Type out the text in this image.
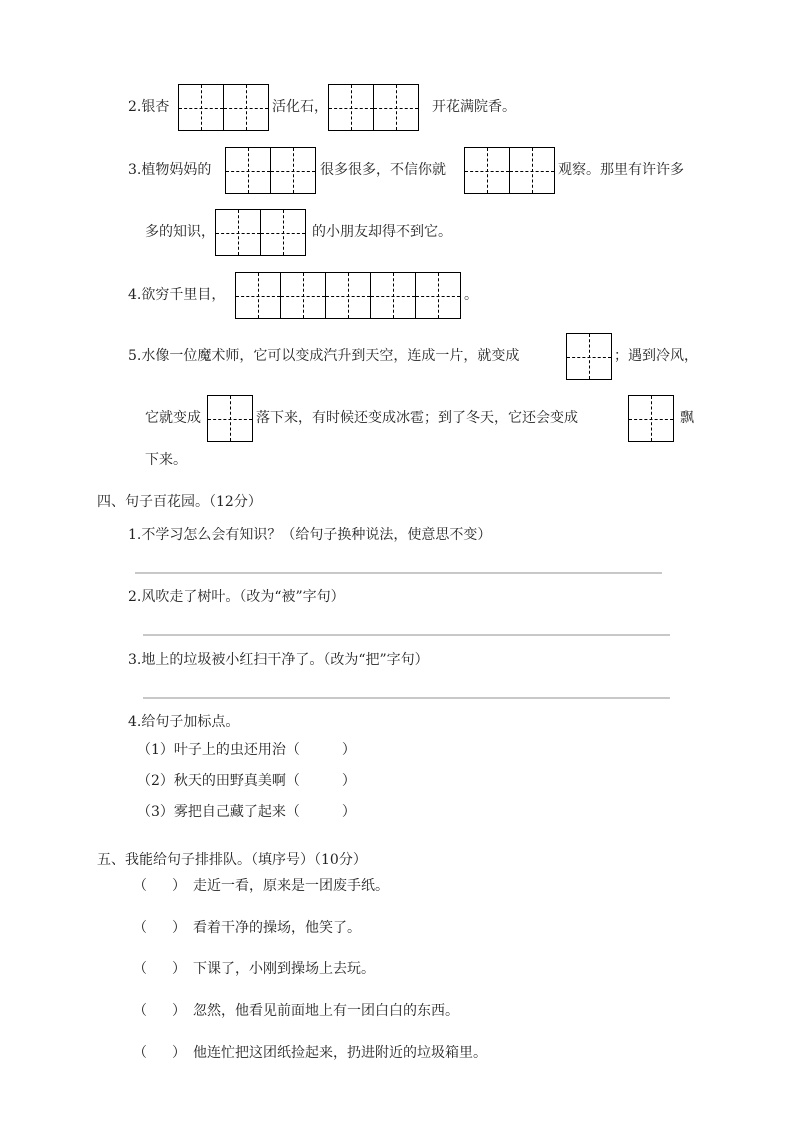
2.银杏	活化石，	开花满院香。
3.植物妈妈的	很多很多，不信你就	观察。那里有许许多
多的知识，	的小朋友却得不到它。
4.欲穷千里目，	。
5.水像一位魔术师，它可以变成汽升到天空，连成一片，就变成	；遇到冷风，
它就变成	落下来，有时候还变成冰雹；到了冬天，它还会变成	飘
下来。
四、句子百花园。（12分）
1.不学习怎么会有知识？（给句子换种说法，使意思不变）
2.风吹走了树叶。（改为“被”字句）
3.地上的垃圾被小红扫干净了。（改为“把”字句）
4.给句子加标点。
（1）叶子上的虫还用治（　　　）
（2）秋天的田野真美啊（　　　）
（3）雾把自己藏了起来（　　　）
五、我能给句子排排队。（填序号）（10分）
（ ） 走近一看，原来是一团废手纸。
（ ） 看着干净的操场，他笑了。
（ ） 下课了，小刚到操场上去玩。
（ ） 忽然，他看见前面地上有一团白白的东西。
（ ） 他连忙把这团纸捡起来，扔进附近的垃圾箱里。
